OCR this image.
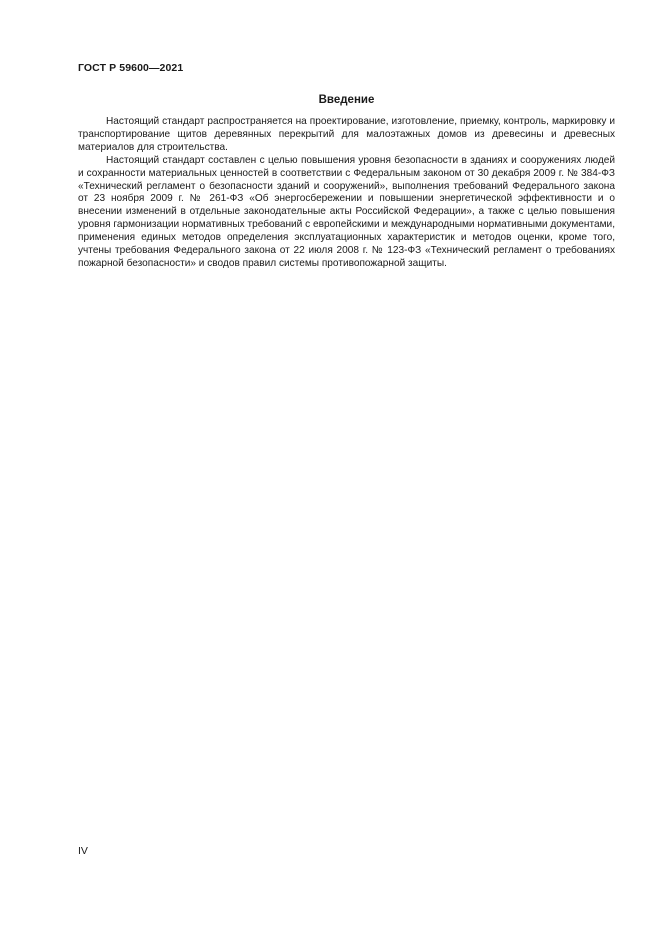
ГОСТ Р 59600—2021
Введение

Настоящий стандарт распространяется на проектирование, изготовление, приемку, контроль, маркировку и транспортирование щитов деревянных перекрытий для малоэтажных домов из древесины и древесных материалов для строительства.

Настоящий стандарт составлен с целью повышения уровня безопасности в зданиях и сооружениях людей и сохранности материальных ценностей в соответствии с Федеральным законом от 30 декабря 2009 г. № 384-ФЗ «Технический регламент о безопасности зданий и сооружений», выполнения требований Федерального закона от 23 ноября 2009 г. № 261-ФЗ «Об энергосбережении и повышении энергетической эффективности и о внесении изменений в отдельные законодательные акты Российской Федерации», а также с целью повышения уровня гармонизации нормативных требований с европейскими и международными нормативными документами, применения единых методов определения эксплуатационных характеристик и методов оценки, кроме того, учтены требования Федерального закона от 22 июля 2008 г. № 123-ФЗ «Технический регламент о требованиях пожарной безопасности» и сводов правил системы противопожарной защиты.

IV
